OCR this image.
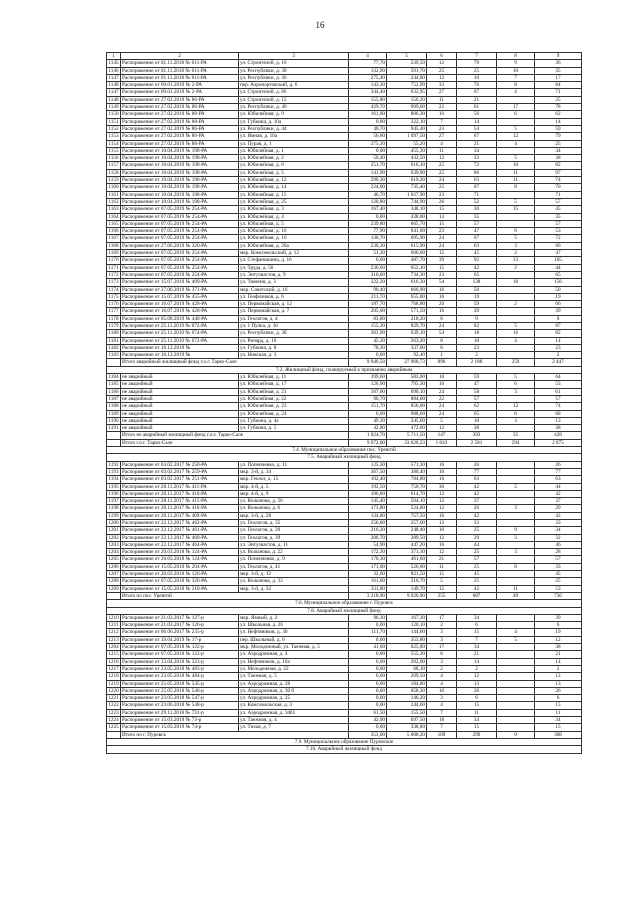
16
1	2	3	4	5	6	7	8	9
1145	Распоряжение от 01.11.2018 № 611-РА	ул. Строителей, д. 16	77,70	239,59	12	79	9	36
1146	Распоряжение от 01.11.2018 № 611-РА	ул. Республики, д. 38	132,90	591,70	25	25	10	35
1147	Распоряжение от 01.11.2018 № 611-РА	ул. Республики, д. 36	275,40	244,80	12	10	7	17
1148	Распоряжение от 09.01.2019 № 2-РА	пер. Аэропортовский, д. 6	143,30	752,90	33	76	8	84
1147	Распоряжение от 09.01.2019 № 2-РА	ул. Строителей, д. 86	344,40	632,95	27	67	4	71
1148	Распоряжение от 27.02.2019 № 86-РА	ул. Строителей, д. 15	155,80	156,20	11	21		25
1149	Распоряжение от 27.02.2019 № 86-РА	ул. Республики, д. 40	429,70	909,60	22	61	17	78
1150	Распоряжение от 27.02.2019 № 88-РА	ул. Юбилейная, д. 9	161,60	806,30	16	56	6	62
1151	Распоряжение от 27.02.2019 № 88-РА	ул. Губкина, д. 10а	0,00	322,10	7	14		14
1152	Распоряжение от 27.02.2019 № 86-РА	ул. Республики, д. 44	40,70	945,40	23	54	5	59
1153	Распоряжение от 27.02.2019 № 86-РА	ул. Ямная, д. 10а	56,60	1 097,50	27	67	12	79
1154	Распоряжение от 27.02.2019 № 88-РА	ул. Пурая, д. 1	275,30	55,20	4	21	4	25
1155	Распоряжение от 10.04.2019 № 198-РА	ул. Юбилейная, д. 1	0,00	455,30	11	34		34
1156	Распоряжение от 10.04.2019 № 198-РА	ул. Юбилейная, д. 2	50,40	432,50	12	33	5	38
1157	Распоряжение от 10.04.2019 № 198-РА	ул. Юбилейная, д. 6	251,70	616,10	25	72	10	82
1158	Распоряжение от 10.04.2019 № 198-РА	ул. Юбилейная, д. 5	141,90	639,90	25	86	11	97
1159	Распоряжение от 10.04.2019 № 198-РА	ул. Юбилейная, д. 12	290,30	619,20	24	63	11	74
1160	Распоряжение от 10.04.2019 № 198-РА	ул. Юбилейная, д. 14	224,00	735,40	25	67	8	70
1161	Распоряжение от 10.04.2019 № 198-РА	ул. Юбилейная, д. 15	46,70	1 027,90	23	71		71
1162	Распоряжение от 10.04.2019 № 198-РА	ул. Юбилейная, д. 25	120,80	744,90	26	52	5	57
1163	Распоряжение от 07.05.2019 № 254-РА	ул. Юбилейная, д. 3	167,40	348,10	15	30	15	45
1164	Распоряжение от 07.05.2019 № 254-РА	ул. Юбилейная, д. 4	0,00	438,00	13	35		35
1165	Распоряжение от 07.05.2019 № 254-РА	ул. Юбилейная, д. 5	239,80	665,70	15	57		57
1166	Распоряжение от 07.05.2019 № 254-РА	ул. Юбилейная, д. 16	77,90	941,00	23	47	6	53
1167	Распоряжение от 07.05.2019 № 254-РА	ул. Юбилейная, д. 16	130,70	695,90	24	67	5	72
1168	Распоряжение от 27.06.2019 № 320-РА	ул. Юбилейная, д. 20а	230,30	615,90	24	63	3	66
1169	Распоряжение от 07.05.2019 № 254-РА	мкр. Комсомольский, д. 12	51,30	666,60	15	45	2	47
1170	Распоряжение от 07.05.2019 № 254-РА	ул. Стефанишина, д. 16	0,00	487,70	39	92	13	105
1171	Распоряжение от 07.05.2019 № 254-РА	ул. Труда, д. 56	230,60	652,10	15	42	2	44
1172	Распоряжение от 07.05.2019 № 254-РА	ул. Энтузиастов, д. 9	310,60	734,30	23	65		65
1173	Распоряжение от 15.07.2019 № 409-РА	ул. Тюмени, д. 3	322,20	616,30	54	138	18	156
1174	Распоряжение от 27.06.2019 № 371-РА	мкр. Советский, д. 16	90,40	666,90	16	50		50
1175	Распоряжение от 15.07.2019 № 455-РА	ул. Геофизиков, д. 6	211,70	655,80	16	19		19
1176	Распоряжение от 16.07.2019 № 428-РА	ул. Первомайская, д. 12	187,70	768,80	20	59	2	66
1177	Распоряжение от 16.07.2019 № 428-РА	ул. Первомайская, д. 7	205,00	571,50	16	39		39
1178	Распоряжение от 05.08.2019 № 440-РА	ул. Геологов, д. 4	83,80	218,20	6	9		9
1179	Распоряжение от 25.11.2019 № 672-РА	ул. 1 Пулка, д. 10	155,30	829,70	24	82	5	87
1180	Распоряжение от 25.11.2019 № 674-РА	ул. Республики, д. 3б	363,90	639,10	54	18	16	82
1181	Распоряжение от 25.11.2019 № 672-РА	ул. Ричард, д. 10	45,30	263,20	8	10	4	14
1182	Распоряжение от 16.12.2019 №	ул. Губкина, д. 8	78,30	337,00	8	23		23
1183	Распоряжение от 16.12.2019 №	ул. Нивская, д. 3	0,00	92,40	1	2		2
	Итого аварийный жилищный фонд г.о.г. Тарко-Сале		9 946,50	27 968,73	896	2 188	259	2 447
7.2. Жилищный фонд, планируемый к признанию аварийным								
1184	не аварийный	ул. Юбилейная, д. 11	399,60	583,00	10	59	5	64
1185	не аварийный	ул. Юбилейная, д. 17	126,90	795,30	16	47	6	53
1186	не аварийный	ул. Юбилейная, д. 21	167,00	690,10	24	58	3	61
1187	не аварийный	ул. Юбилейная, д. 22	90,70	884,00	22	57		57
1188	не аварийный	ул. Юбилейная, д. 23	151,70	856,00	24	62	12	74
1189	не аварийный	ул. Юбилейная, д. 24	0,00	988,60	24	65	6	68
1190	не аварийный	ул. Губкина, д. 4а	49,30	245,60	5	10	3	13
1191	не аварийный	ул. Губкина, д. 5	42,80	472,60	12	38		38
	Итого не аварийный жилищный фонд г.о.г. Тарко-Сале		1 024,70	5 711,50	147	393	35	428
	Итого г.о.г. Тарко-Сале		9 972,00	33 620,23	1 043	2 581	294	2 875
7.4. Муниципальное образование пос. Уренгой								
7.5. Аварийный жилищный фонд								
1192	Распоряжение от 03.02.2017 № 250-РА	ул. Попенченко, д. 11	125,30	571,30	16	26		26
1193	Распоряжение от 03.02.2017 № 259-РА	мкр. 3-й, д. 34	367,50	380,40	10	77		77
1194	Распоряжение от 03.02.2017 № 251-РА	мкр. Геолог, д. 15	102,40	784,80	16	63		63
1195	Распоряжение от 28.11.2017 № 411-РА	мкр. 4-й, д. 5	192,50	750,70	30	42	5	44
1196	Распоряжение от 28.11.2017 № 410-РА	мкр. 4-й, д. 9	106,60	614,70	12	42		42
1197	Распоряжение от 28.11.2017 № 415-РА	ул. Волынова, д. 26	145,40	504,10	12	37		37
1198	Распоряжение от 28.11.2017 № 416-РА	ул. Волынова, д. 6	173,80	524,80	12	26	3	29
1199	Распоряжение от 28.11.2017 № 409-РА	мкр. 3-й, д. 28	134,80	757,50	16	42		42
1200	Распоряжение от 22.12.2017 № 462-РА	ул. Геологов, д. 35	256,60	257,60	12	33		33
1201	Распоряжение от 22.12.2017 № 461-РА	ул. Геологов, д. 39	216,20	248,40	10	25	9	34
1202	Распоряжение от 22.12.2017 № 460-РА	ул. Геологов, д. 39	206,70	289,50	12	29	3	32
1203	Распоряжение от 22.12.2017 № 464-РА	ул. Энтузиастов, д. 11	54,90	447,20	16	44		46
1204	Распоряжение от 20.03.2018 № 124-РА	ул. Волынова, д. 22	172,30	371,30	12	25	3	28
1205	Распоряжение от 20.03.2018 № 124-РА	ул. Попенченко, д. 9	170,30	461,60	21	57		57
1206	Распоряжение от 15.05.2018 № 204-РА	ул. Геологов, д. 41	171,00	520,00	11	25	8	33
1207	Распоряжение от 20.03.2018 № 126-РА	мкр. 3-й, д. 12	32,60	821,50	15	45		45
1208	Распоряжение от 07.05.2018 № 326-РА	ул. Волынова, д. 33	161,60	216,70	5	25		25
1209	Распоряжение от 15.05.2018 № 210-РА	мкр. 3-й, д. 32	331,80	149,70	15	42	11	53
	Итого по пос. Уренгой		3 218,90	9 020,90	255	687	49	736
7.6. Муниципальное образование г. Пуровск								
7.8. Аварийный жилищный фонд								
1210	Распоряжение от 21.03.2017 № 127-р	мкр. Ямный, д. 2	96,30	167,30	17	34		39
1211	Распоряжение от 21.03.2017 № 126-р	ул. Школьная, д. 26	0,00	120,10	2	6		6
1212	Распоряжение от 06.06.2017 № 235-р	ул. Нефтяников, д. 30	111,70	144,00	3	15	4	19
1213	Распоряжение от 19.04.2019 № 17-р	пер. Школьный, д. 6	0,00	353,80	3	7	5	12
1204	Распоряжение от 07.05.2018 № 122-р	мкр. Молодежный, ул. Таежная, д. 5	41,60	625,80	17	34		38
1215	Распоряжение от 07.05.2018 № 122-р	ул. Аэродромная, д. 4	0,00	555,30	8	21		21
1216	Распоряжение от 13.04.2018 № 323-р	ул. Нефтяников, д. 10а	0,00	202,00	3	14		14
1217	Распоряжение от 23.05.2018 № 483-р	ул. Молодежная, д. 22	0,00	68,10	2	2		2
1218	Распоряжение от 23.05.2018 № 484-р	ул. Таежная, д. 5	0,00	209,50	4	12		12
1219	Распоряжение от 25.05.2018 № 545-р	ул. Аэродромная, д. 28	0,00	184,80	4	13		13
1220	Распоряжение от 25.05.2018 № 546-р	ул. Аэродромная, д. 30 б	0,00	658,30	10	26		26
1221	Распоряжение от 23.05.2018 № 547-р	ул. Аэродромная, д. 25	0,00	146,20	3	6		6
1222	Распоряжение от 23.06.2018 № 548-р	ул. Комсомольская, д. 3	0,00	244,60	4	15		15
1223	Распоряжение от 29.11.2018 № 731-р	ул. Аэродромная, д. 34б1	61,50	155,50	7	11		11
1224	Распоряжение от 15.03.2019 № 73-р	ул. Таежная, д. 4	42,90	697,50	18	34		34
1225	Распоряжение от 15.03.2019 № 74-р	ул. Тихая, д. 7	0,00	338,80	7	15		15
	Итого по г. Пуровск		353,00	5 008,20	109	299	9	308
7.9. Муниципальное образование Пуровское								
7.10. Аварийный жилищный фонд								
